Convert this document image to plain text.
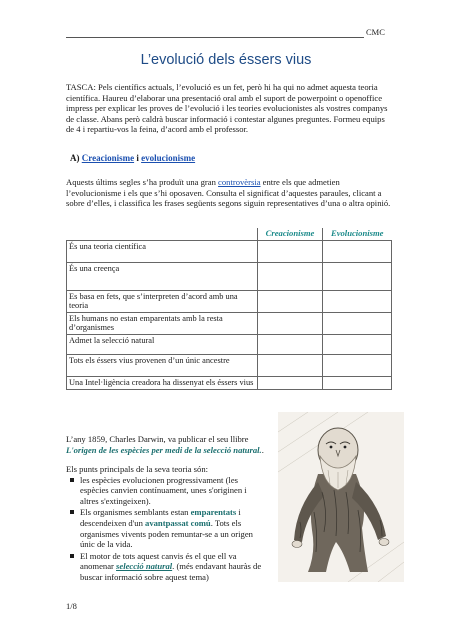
CMC
L’evolució dels éssers vius
TASCA: Pels científics actuals, l’evolució es un fet, però hi ha qui no admet aquesta teoria científica. Haureu d’elaborar una presentació oral amb el suport de powerpoint o openoffice impress per explicar les proves de l’evolució i les teories evolucionistes als vostres companys de classe. Abans però caldrà buscar informació i contestar algunes preguntes. Formeu equips de 4 i repartiu-vos la feina, d’acord amb el professor.
A) Creacionisme i evolucionisme
Aquests últims segles s’ha produït una gran controvèrsia entre els que admetien l’evolucionisme i els que s’hi oposaven. Consulta el significat d’aquestes paraules, clicant a sobre d’elles, i classifica les frases següents segons siguin representatives d’una o altra opinió.
	Creacionisme	Evolucionisme
És una teoria científica		
És una creença		
Es basa en fets, que s’interpreten d’acord amb una teoria		
Els humans no estan emparentats amb la resta d’organismes		
Admet la selecció natural		
Tots els éssers vius provenen d’un únic ancestre		
Una Intel·ligència creadora ha dissenyat els éssers vius		
L’any 1859, Charles Darwin, va publicar el seu llibre L'origen de les espècies per medi de la selecció natural..
Els punts principals de la seva teoria són:
les espècies evolucionen progressivament (les espècies canvien contínuament, unes s'originen i altres s'extingeixen).
Els organismes semblants estan emparentats i descendeixen d'un avantpassat comú. Tots els organismes vivents poden remuntar-se a un origen únic de la vida.
El motor de tots aquest canvis és el que ell va anomenar selecció natural. (més endavant hauràs de buscar informació sobre aquest tema)
1/8
